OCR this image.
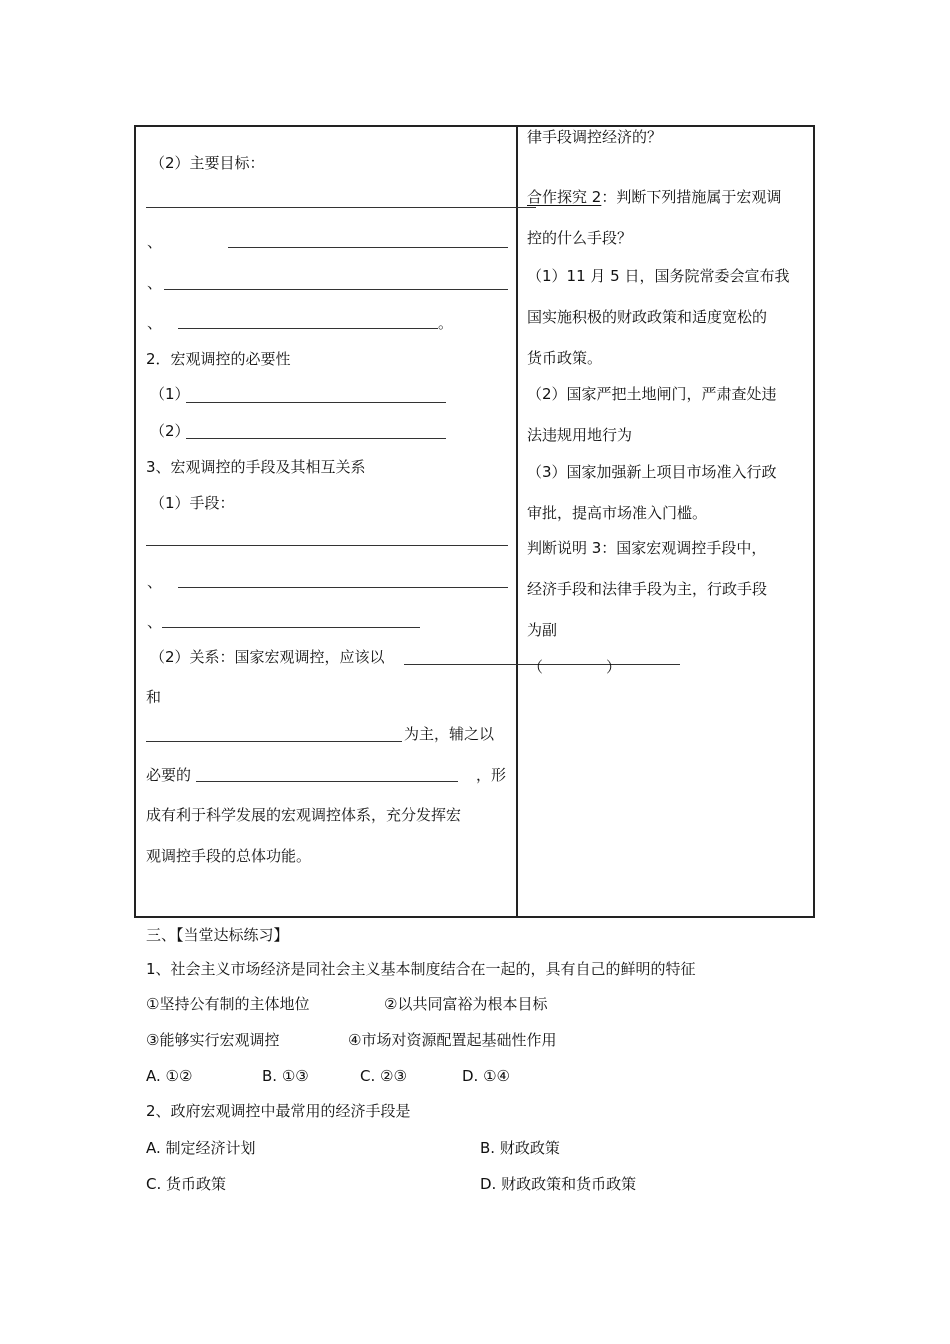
（2）主要目标：
、
、
、	。
2．宏观调控的必要性
（1）
（2）
3、宏观调控的手段及其相互关系
（1）手段：
、
、
（2）关系：国家宏观调控，应该以
和
为主，辅之以
必要的	，形
成有利于科学发展的宏观调控体系，充分发挥宏
观调控手段的总体功能。
律手段调控经济的？
合作探究 2：判断下列措施属于宏观调
控的什么手段？
（1）11 月 5 日，国务院常委会宣布我
国实施积极的财政政策和适度宽松的
货币政策。
（2）国家严把土地闸门，严肃查处违
法违规用地行为
（3）国家加强新上项目市场准入行政
审批，提高市场准入门槛。
判断说明 3：国家宏观调控手段中，
经济手段和法律手段为主，行政手段
为副
（	）
三、【当堂达标练习】
1、社会主义市场经济是同社会主义基本制度结合在一起的，具有自己的鲜明的特征
①坚持公有制的主体地位	②以共同富裕为根本目标
③能够实行宏观调控	④市场对资源配置起基础性作用
A. ①②	B. ①③	C. ②③	D. ①④
2、政府宏观调控中最常用的经济手段是
A. 制定经济计划	B. 财政政策
C. 货币政策	D. 财政政策和货币政策
